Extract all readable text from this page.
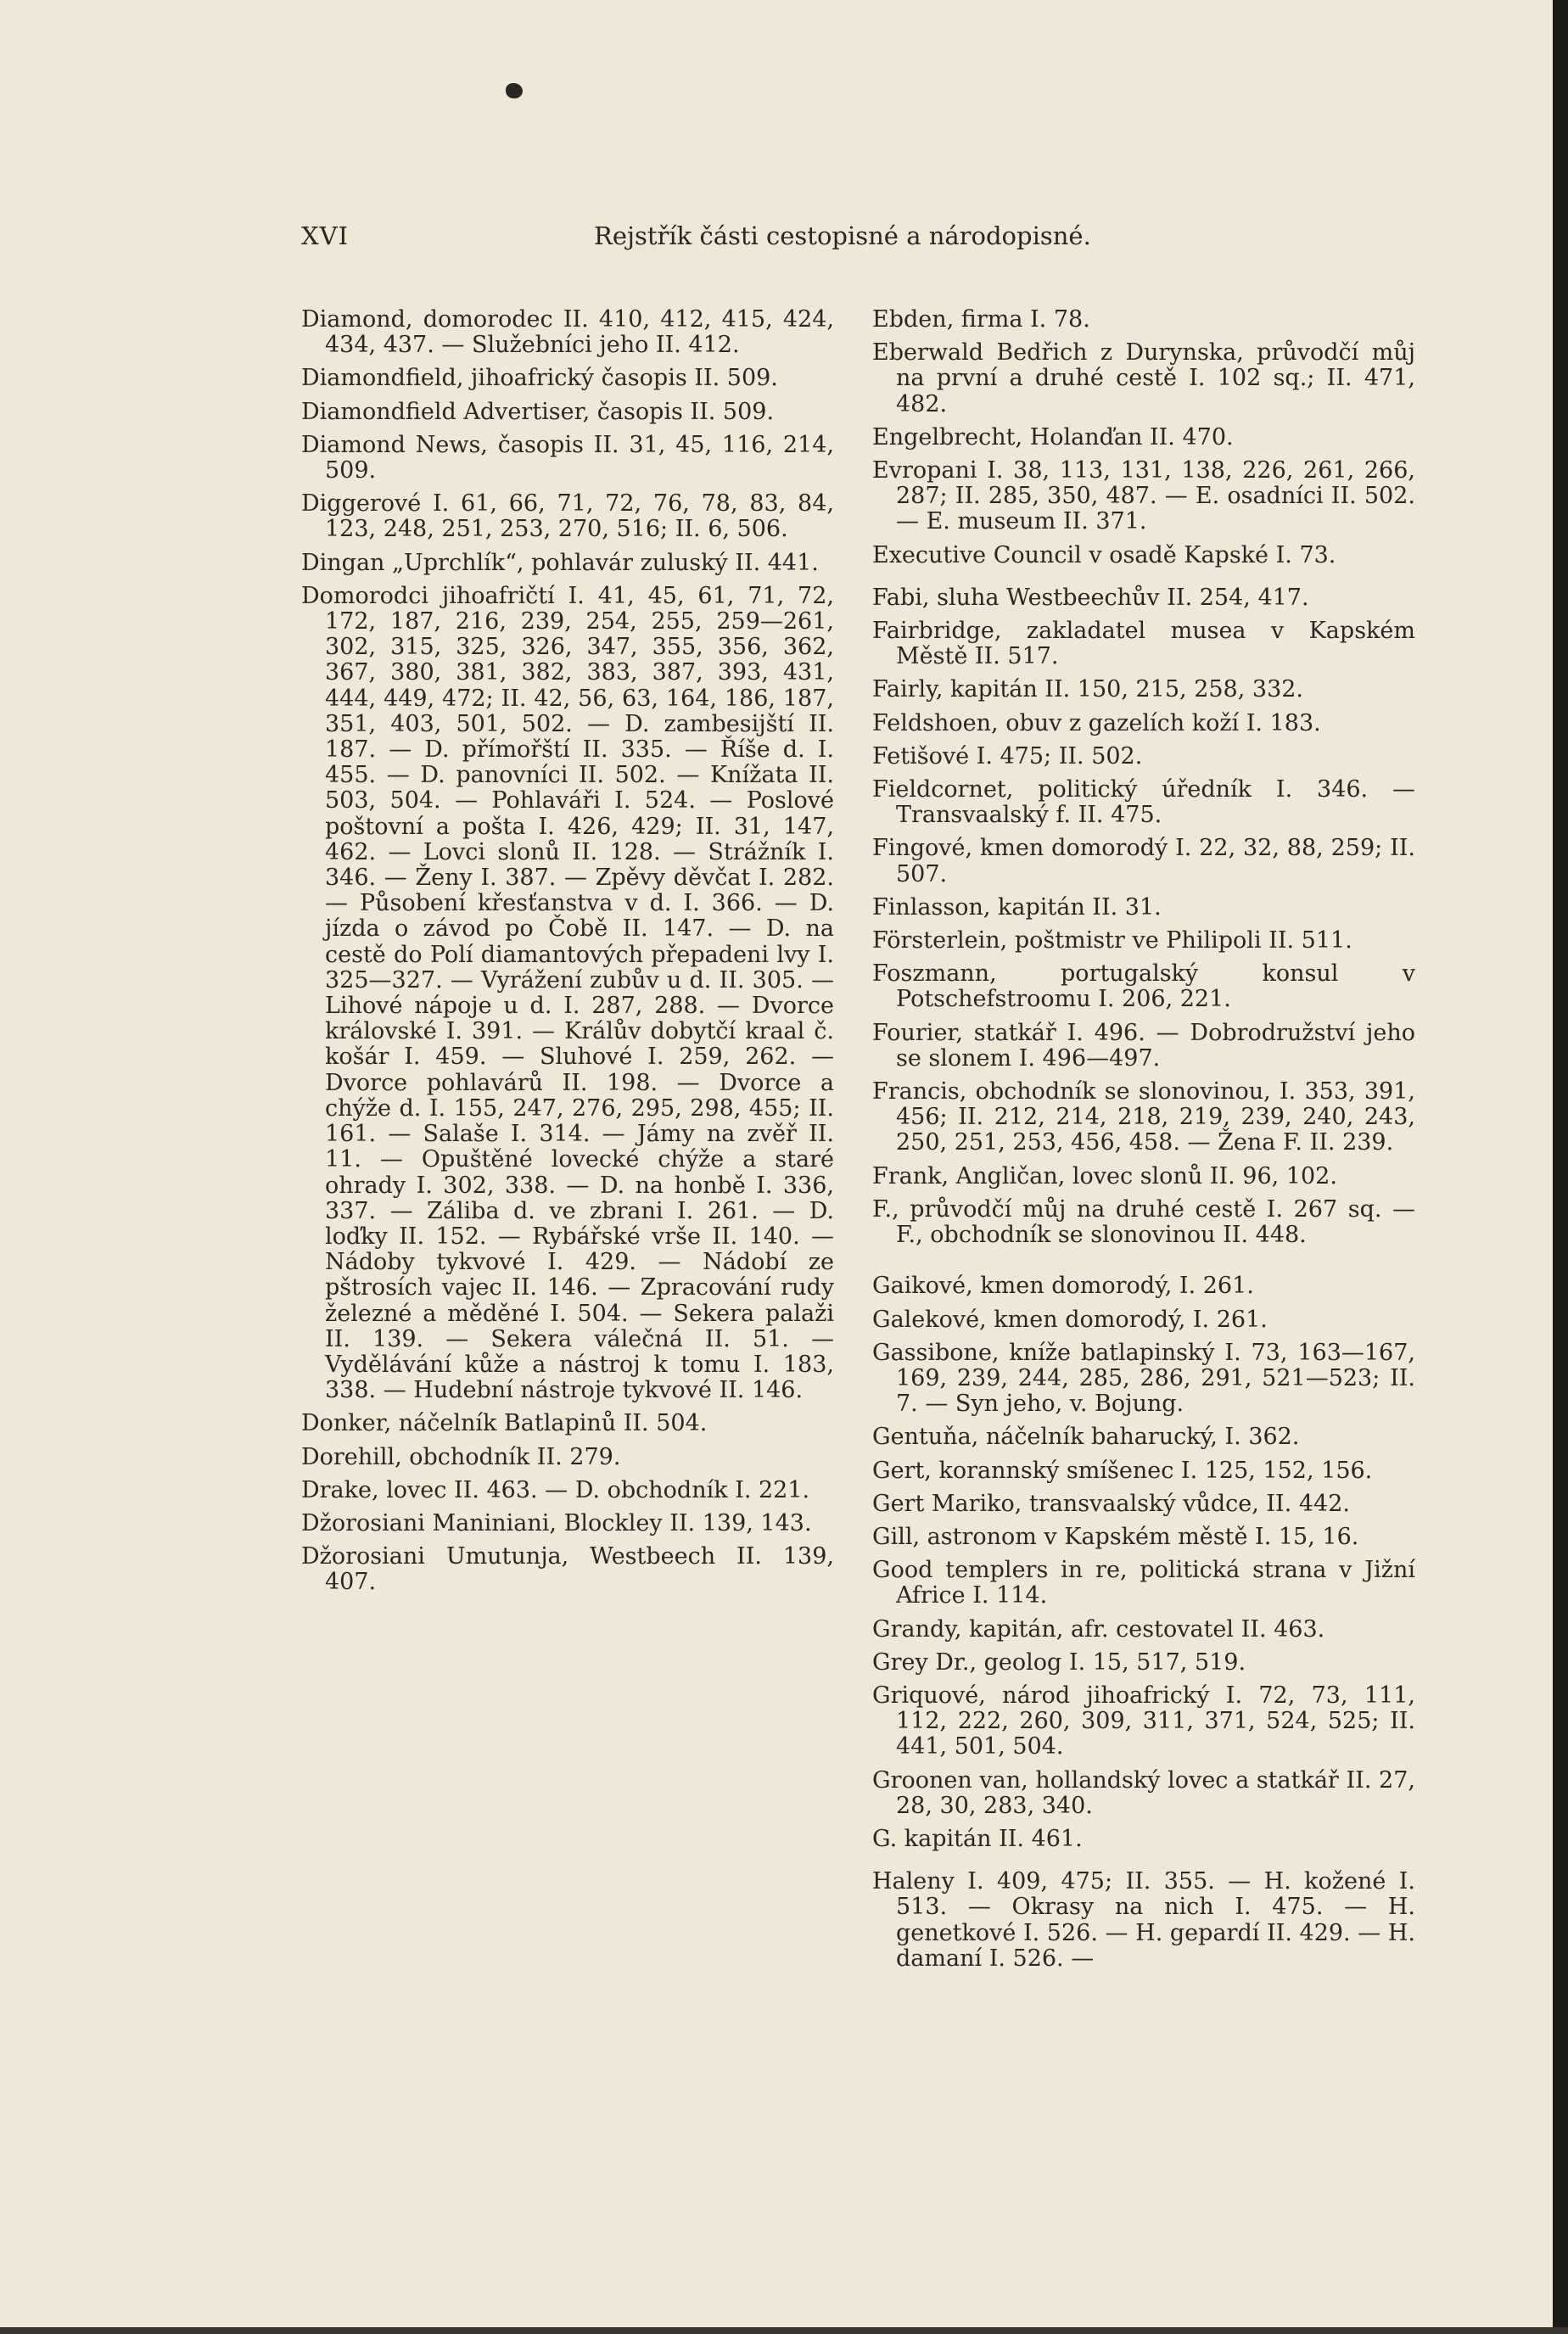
XVI	Rejstřík části cestopisné a národopisné.

Diamond, domorodec II. 410, 412, 415, 424, 434, 437. — Služebníci jeho II. 412.

Diamondfield, jihoafrický časopis II. 509.

Diamondfield Advertiser, časopis II. 509.

Diamond News, časopis II. 31, 45, 116, 214, 509.

Diggerové I. 61, 66, 71, 72, 76, 78, 83, 84, 123, 248, 251, 253, 270, 516; II. 6, 506.

Dingan „Uprchlík“, pohlavár zuluský II. 441.

Domorodci jihoafričtí I. 41, 45, 61, 71, 72, 172, 187, 216, 239, 254, 255, 259—261, 302, 315, 325, 326, 347, 355, 356, 362, 367, 380, 381, 382, 383, 387, 393, 431, 444, 449, 472; II. 42, 56, 63, 164, 186, 187, 351, 403, 501, 502. — D. zambesijští II. 187. — D. přímořští II. 335. — Říše d. I. 455. — D. panovníci II. 502. — Knížata II. 503, 504. — Pohlaváři I. 524. — Poslové poštovní a pošta I. 426, 429; II. 31, 147, 462. — Lovci slonů II. 128. — Strážník I. 346. — Ženy I. 387. — Zpěvy děvčat I. 282. — Působení křesťanstva v d. I. 366. — D. jízda o závod po Čobě II. 147. — D. na cestě do Polí diamantových přepadeni lvy I. 325—327. — Vyrážení zubův u d. II. 305. — Lihové nápoje u d. I. 287, 288. — Dvorce královské I. 391. — Králův dobytčí kraal č. košár I. 459. — Sluhové I. 259, 262. — Dvorce pohlavárů II. 198. — Dvorce a chýže d. I. 155, 247, 276, 295, 298, 455; II. 161. — Salaše I. 314. — Jámy na zvěř II. 11. — Opuštěné lovecké chýže a staré ohrady I. 302, 338. — D. na honbě I. 336, 337. — Záliba d. ve zbrani I. 261. — D. loďky II. 152. — Rybářské vrše II. 140. — Nádoby tykvové I. 429. — Nádobí ze pštrosích vajec II. 146. — Zpracování rudy železné a měděné I. 504. — Sekera palaži II. 139. — Sekera válečná II. 51. — Vydělávání kůže a nástroj k tomu I. 183, 338. — Hudební nástroje tykvové II. 146.

Donker, náčelník Batlapinů II. 504.

Dorehill, obchodník II. 279.

Drake, lovec II. 463. — D. obchodník I. 221.

Džorosiani Maniniani, Blockley II. 139, 143.

Džorosiani Umutunja, Westbeech II. 139, 407.

Ebden, firma I. 78.

Eberwald Bedřich z Durynska, průvodčí můj na první a druhé cestě I. 102 sq.; II. 471, 482.

Engelbrecht, Holanďan II. 470.

Evropani I. 38, 113, 131, 138, 226, 261, 266, 287; II. 285, 350, 487. — E. osadníci II. 502. — E. museum II. 371.

Executive Council v osadě Kapské I. 73.

Fabi, sluha Westbeechův II. 254, 417.

Fairbridge, zakladatel musea v Kapském Městě II. 517.

Fairly, kapitán II. 150, 215, 258, 332.

Feldshoen, obuv z gazelích koží I. 183.

Fetišové I. 475; II. 502.

Fieldcornet, politický úředník I. 346. — Transvaalský f. II. 475.

Fingové, kmen domorodý I. 22, 32, 88, 259; II. 507.

Finlasson, kapitán II. 31.

Försterlein, poštmistr ve Philipoli II. 511.

Foszmann, portugalský konsul v Potschefstroomu I. 206, 221.

Fourier, statkář I. 496. — Dobrodružství jeho se slonem I. 496—497.

Francis, obchodník se slonovinou, I. 353, 391, 456; II. 212, 214, 218, 219, 239, 240, 243, 250, 251, 253, 456, 458. — Žena F. II. 239.

Frank, Angličan, lovec slonů II. 96, 102.

F., průvodčí můj na druhé cestě I. 267 sq. — F., obchodník se slonovinou II. 448.

Gaikové, kmen domorodý, I. 261.

Galekové, kmen domorodý, I. 261.

Gassibone, kníže batlapinský I. 73, 163—167, 169, 239, 244, 285, 286, 291, 521—523; II. 7. — Syn jeho, v. Bojung.

Gentuňa, náčelník baharucký, I. 362.

Gert, korannský smíšenec I. 125, 152, 156.

Gert Mariko, transvaalský vůdce, II. 442.

Gill, astronom v Kapském městě I. 15, 16.

Good templers in re, politická strana v Jižní Africe I. 114.

Grandy, kapitán, afr. cestovatel II. 463.

Grey Dr., geolog I. 15, 517, 519.

Griquové, národ jihoafrický I. 72, 73, 111, 112, 222, 260, 309, 311, 371, 524, 525; II. 441, 501, 504.

Groonen van, hollandský lovec a statkář II. 27, 28, 30, 283, 340.

G. kapitán II. 461.

Haleny I. 409, 475; II. 355. — H. kožené I. 513. — Okrasy na nich I. 475. — H. genetkové I. 526. — H. gepardí II. 429. — H. damaní I. 526. —
